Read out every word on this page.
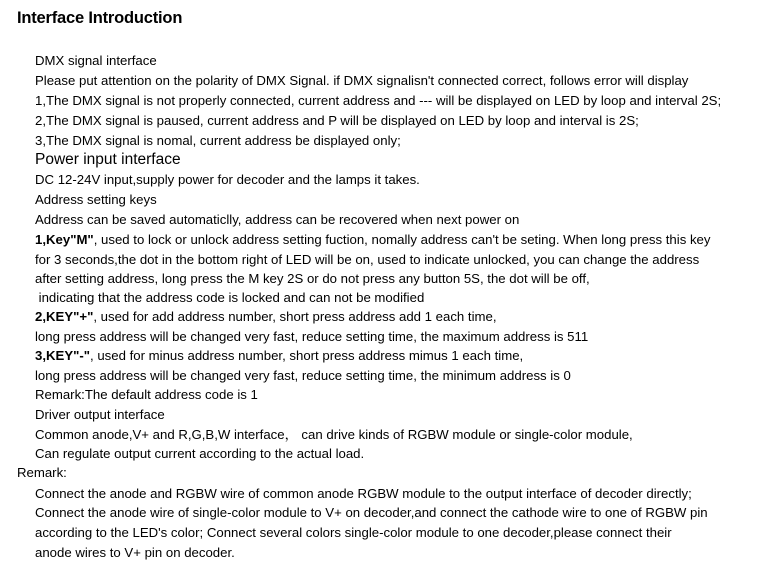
Interface Introduction
DMX signal interface
Please put attention on the polarity of DMX Signal. if DMX signalisn't connected correct, follows error will display
1,The DMX signal is not properly connected, current address and --- will be displayed on LED by loop and interval 2S;
2,The DMX signal is paused, current address and P will be displayed on LED by loop and interval is 2S;
3,The DMX signal is nomal, current address be displayed only;
Power input interface
DC 12-24V input,supply power for decoder and the lamps it takes.
Address setting keys
Address can be saved automaticlly, address can be recovered when next power on
1,Key"M", used to lock or unlock address setting fuction, nomally address can't be seting. When long press this key
for 3 seconds,the dot in the bottom right of LED will be on, used to indicate unlocked, you can change the address
after setting address, long press the M key 2S or do not press any button 5S, the dot will be off,
indicating that the address code is locked and can not be modified
2,KEY"+", used for add address number, short press address add 1 each time,
long press address will be changed very fast, reduce setting time, the maximum address is 511
3,KEY"-", used for minus address number, short press address mimus 1 each time,
long press address will be changed very fast, reduce setting time, the minimum address is 0
Remark:The default address code is 1
Driver output interface
Common anode,V+ and R,G,B,W interface， can drive kinds of RGBW module or single-color module,
Can regulate output current according to the actual load.
Remark:
Connect the anode and RGBW wire of common anode RGBW module to the output interface of decoder directly;
Connect the anode wire of single-color module to V+ on decoder,and connect the cathode wire to one of RGBW pin
according to the LED's color; Connect several colors single-color module to one decoder,please connect their
anode wires to V+ pin on decoder.
